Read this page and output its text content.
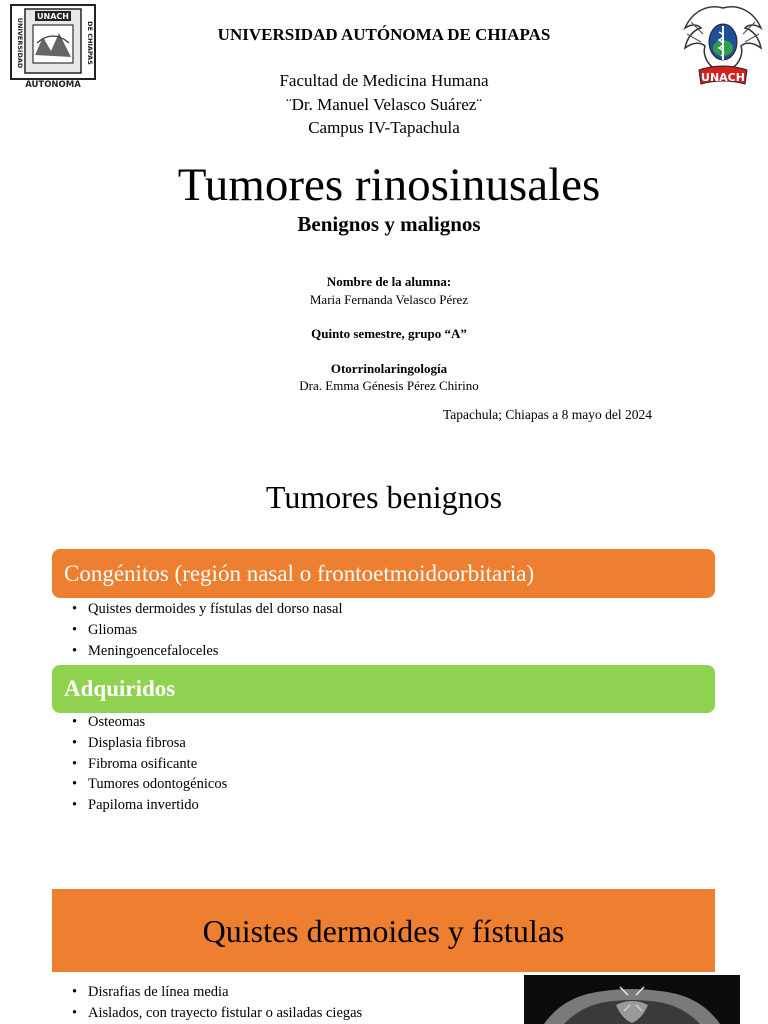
UNACH
UNIVERSIDAD	DE CHIAPAS
AUTONOMA
UNACH
UNIVERSIDAD AUTÓNOMA DE CHIAPAS
Facultad de Medicina Humana
¨Dr. Manuel Velasco Suárez¨
Campus IV-Tapachula
Tumores rinosinusales
Benignos y malignos
Nombre de la alumna:
Maria Fernanda Velasco Pérez
Quinto semestre, grupo “A”
Otorrinolaringología
Dra. Emma Génesis Pérez Chirino
Tapachula; Chiapas a 8 mayo del 2024
Tumores benignos
Congénitos (región nasal o frontoetmoidoorbitaria)
• Quistes dermoides y fístulas del dorso nasal
• Gliomas
• Meningoencefaloceles
Adquiridos
• Osteomas
• Displasia fibrosa
• Fibroma osificante
• Tumores odontogénicos
• Papiloma invertido
Quistes dermoides y fístulas
• Disrafias de línea media
• Aislados, con trayecto fistular o asiladas ciegas
